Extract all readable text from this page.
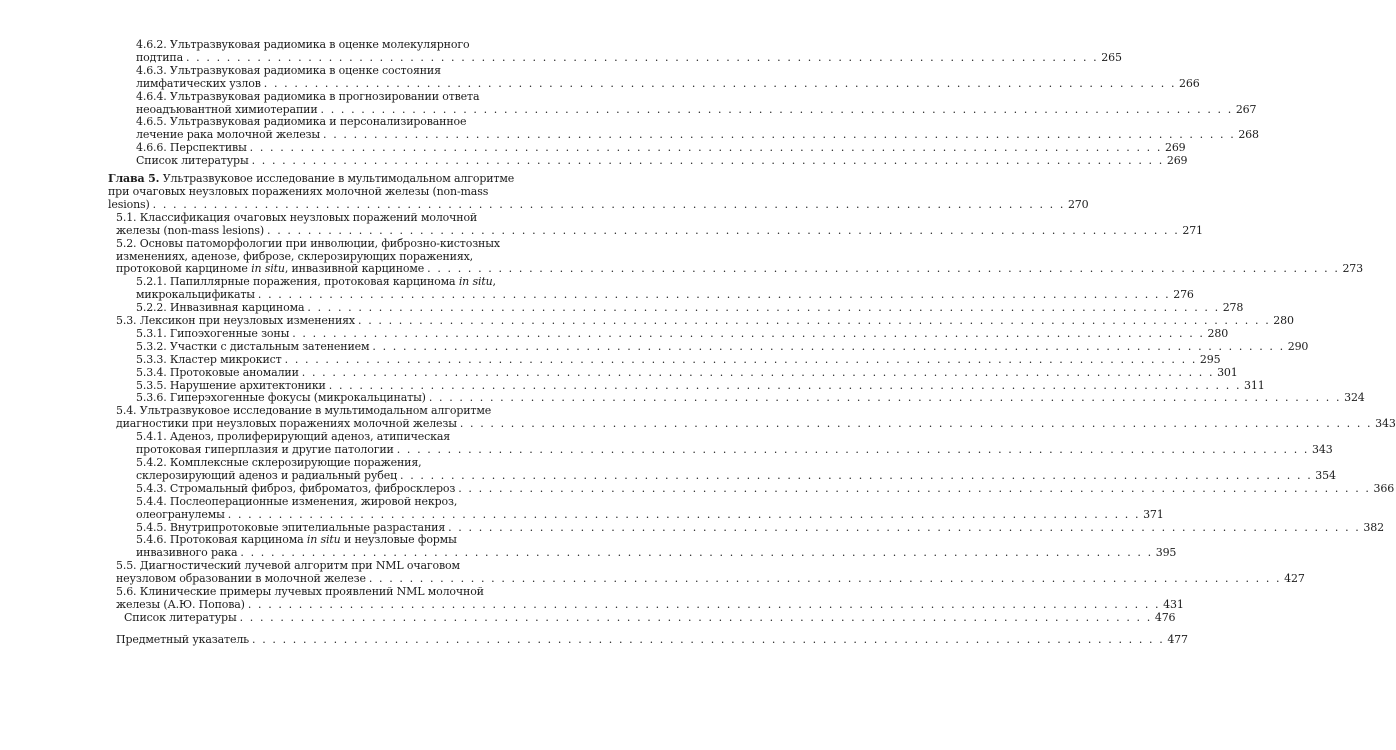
4.6.2. Ультразвуковая радиомика в оценке молекулярного
подтипа . . . . . . . . . . . . . . . . . . . . . . . . . . . . . . . . . . . . . . . . . . . . . . . . . . . . . . . . . . . . . . . . . . . . . . . . . . . . . . . . . . . . . . . . . . 265
4.6.3. Ультразвуковая радиомика в оценке состояния
лимфатических узлов . . . . . . . . . . . . . . . . . . . . . . . . . . . . . . . . . . . . . . . . . . . . . . . . . . . . . . . . . . . . . . . . . . . . . . . . . . . . . . . . . . . . . . . . . . 266
4.6.4. Ультразвуковая радиомика в прогнозировании ответа
неоадъювантной химиотерапии . . . . . . . . . . . . . . . . . . . . . . . . . . . . . . . . . . . . . . . . . . . . . . . . . . . . . . . . . . . . . . . . . . . . . . . . . . . . . . . . . . . . . . . . . . 267
4.6.5. Ультразвуковая радиомика и персонализированное
лечение рака молочной железы . . . . . . . . . . . . . . . . . . . . . . . . . . . . . . . . . . . . . . . . . . . . . . . . . . . . . . . . . . . . . . . . . . . . . . . . . . . . . . . . . . . . . . . . . . 268
4.6.6. Перспективы . . . . . . . . . . . . . . . . . . . . . . . . . . . . . . . . . . . . . . . . . . . . . . . . . . . . . . . . . . . . . . . . . . . . . . . . . . . . . . . . . . . . . . . . . . 269
Список литературы . . . . . . . . . . . . . . . . . . . . . . . . . . . . . . . . . . . . . . . . . . . . . . . . . . . . . . . . . . . . . . . . . . . . . . . . . . . . . . . . . . . . . . . . . . 269
Глава 5. Ультразвуковое исследование в мультимодальном алгоритме
при очаговых неузловых поражениях молочной железы (non-mass
lesions) . . . . . . . . . . . . . . . . . . . . . . . . . . . . . . . . . . . . . . . . . . . . . . . . . . . . . . . . . . . . . . . . . . . . . . . . . . . . . . . . . . . . . . . . . . 270
5.1. Классификация очаговых неузловых поражений молочной
железы (non-mass lesions) . . . . . . . . . . . . . . . . . . . . . . . . . . . . . . . . . . . . . . . . . . . . . . . . . . . . . . . . . . . . . . . . . . . . . . . . . . . . . . . . . . . . . . . . . . 271
5.2. Основы патоморфологии при инволюции, фиброзно-кистозных
изменениях, аденозе, фиброзе, склерозирующих поражениях,
протоковой карциноме in situ, инвазивной карциноме . . . . . . . . . . . . . . . . . . . . . . . . . . . . . . . . . . . . . . . . . . . . . . . . . . . . . . . . . . . . . . . . . . . . . . . . . . . . . . . . . . . . . . . . . . 273
5.2.1. Папиллярные поражения, протоковая карцинома in situ,
микрокальцификаты . . . . . . . . . . . . . . . . . . . . . . . . . . . . . . . . . . . . . . . . . . . . . . . . . . . . . . . . . . . . . . . . . . . . . . . . . . . . . . . . . . . . . . . . . . 276
5.2.2. Инвазивная карцинома . . . . . . . . . . . . . . . . . . . . . . . . . . . . . . . . . . . . . . . . . . . . . . . . . . . . . . . . . . . . . . . . . . . . . . . . . . . . . . . . . . . . . . . . . . 278
5.3. Лексикон при неузловых изменениях . . . . . . . . . . . . . . . . . . . . . . . . . . . . . . . . . . . . . . . . . . . . . . . . . . . . . . . . . . . . . . . . . . . . . . . . . . . . . . . . . . . . . . . . . . 280
5.3.1. Гипоэхогенные зоны . . . . . . . . . . . . . . . . . . . . . . . . . . . . . . . . . . . . . . . . . . . . . . . . . . . . . . . . . . . . . . . . . . . . . . . . . . . . . . . . . . . . . . . . . . 280
5.3.2. Участки с дистальным затенением . . . . . . . . . . . . . . . . . . . . . . . . . . . . . . . . . . . . . . . . . . . . . . . . . . . . . . . . . . . . . . . . . . . . . . . . . . . . . . . . . . . . . . . . . . 290
5.3.3. Кластер микрокист . . . . . . . . . . . . . . . . . . . . . . . . . . . . . . . . . . . . . . . . . . . . . . . . . . . . . . . . . . . . . . . . . . . . . . . . . . . . . . . . . . . . . . . . . . 295
5.3.4. Протоковые аномалии . . . . . . . . . . . . . . . . . . . . . . . . . . . . . . . . . . . . . . . . . . . . . . . . . . . . . . . . . . . . . . . . . . . . . . . . . . . . . . . . . . . . . . . . . . 301
5.3.5. Нарушение архитектоники . . . . . . . . . . . . . . . . . . . . . . . . . . . . . . . . . . . . . . . . . . . . . . . . . . . . . . . . . . . . . . . . . . . . . . . . . . . . . . . . . . . . . . . . . . 311
5.3.6. Гиперэхогенные фокусы (микрокальцинаты) . . . . . . . . . . . . . . . . . . . . . . . . . . . . . . . . . . . . . . . . . . . . . . . . . . . . . . . . . . . . . . . . . . . . . . . . . . . . . . . . . . . . . . . . . . 324
5.4. Ультразвуковое исследование в мультимодальном алгоритме
диагностики при неузловых поражениях молочной железы . . . . . . . . . . . . . . . . . . . . . . . . . . . . . . . . . . . . . . . . . . . . . . . . . . . . . . . . . . . . . . . . . . . . . . . . . . . . . . . . . . . . . . . . . . 343
5.4.1. Аденоз, пролиферирующий аденоз, атипическая
протоковая гиперплазия и другие патологии . . . . . . . . . . . . . . . . . . . . . . . . . . . . . . . . . . . . . . . . . . . . . . . . . . . . . . . . . . . . . . . . . . . . . . . . . . . . . . . . . . . . . . . . . . 343
5.4.2. Комплексные склерозирующие поражения,
склерозирующий аденоз и радиальный рубец . . . . . . . . . . . . . . . . . . . . . . . . . . . . . . . . . . . . . . . . . . . . . . . . . . . . . . . . . . . . . . . . . . . . . . . . . . . . . . . . . . . . . . . . . . 354
5.4.3. Стромальный фиброз, фиброматоз, фибросклероз . . . . . . . . . . . . . . . . . . . . . . . . . . . . . . . . . . . . . . . . . . . . . . . . . . . . . . . . . . . . . . . . . . . . . . . . . . . . . . . . . . . . . . . . . . 366
5.4.4. Послеоперационные изменения, жировой некроз,
олеогранулемы . . . . . . . . . . . . . . . . . . . . . . . . . . . . . . . . . . . . . . . . . . . . . . . . . . . . . . . . . . . . . . . . . . . . . . . . . . . . . . . . . . . . . . . . . . 371
5.4.5. Внутрипротоковые эпителиальные разрастания . . . . . . . . . . . . . . . . . . . . . . . . . . . . . . . . . . . . . . . . . . . . . . . . . . . . . . . . . . . . . . . . . . . . . . . . . . . . . . . . . . . . . . . . . . 382
5.4.6. Протоковая карцинома in situ и неузловые формы
инвазивного рака . . . . . . . . . . . . . . . . . . . . . . . . . . . . . . . . . . . . . . . . . . . . . . . . . . . . . . . . . . . . . . . . . . . . . . . . . . . . . . . . . . . . . . . . . . 395
5.5. Диагностический лучевой алгоритм при NML очаговом
неузловом образовании в молочной железе . . . . . . . . . . . . . . . . . . . . . . . . . . . . . . . . . . . . . . . . . . . . . . . . . . . . . . . . . . . . . . . . . . . . . . . . . . . . . . . . . . . . . . . . . . 427
5.6. Клинические примеры лучевых проявлений NML молочной
железы (А.Ю. Попова) . . . . . . . . . . . . . . . . . . . . . . . . . . . . . . . . . . . . . . . . . . . . . . . . . . . . . . . . . . . . . . . . . . . . . . . . . . . . . . . . . . . . . . . . . . 431
Список литературы . . . . . . . . . . . . . . . . . . . . . . . . . . . . . . . . . . . . . . . . . . . . . . . . . . . . . . . . . . . . . . . . . . . . . . . . . . . . . . . . . . . . . . . . . . 476
Предметный указатель . . . . . . . . . . . . . . . . . . . . . . . . . . . . . . . . . . . . . . . . . . . . . . . . . . . . . . . . . . . . . . . . . . . . . . . . . . . . . . . . . . . . . . . . . . 477
